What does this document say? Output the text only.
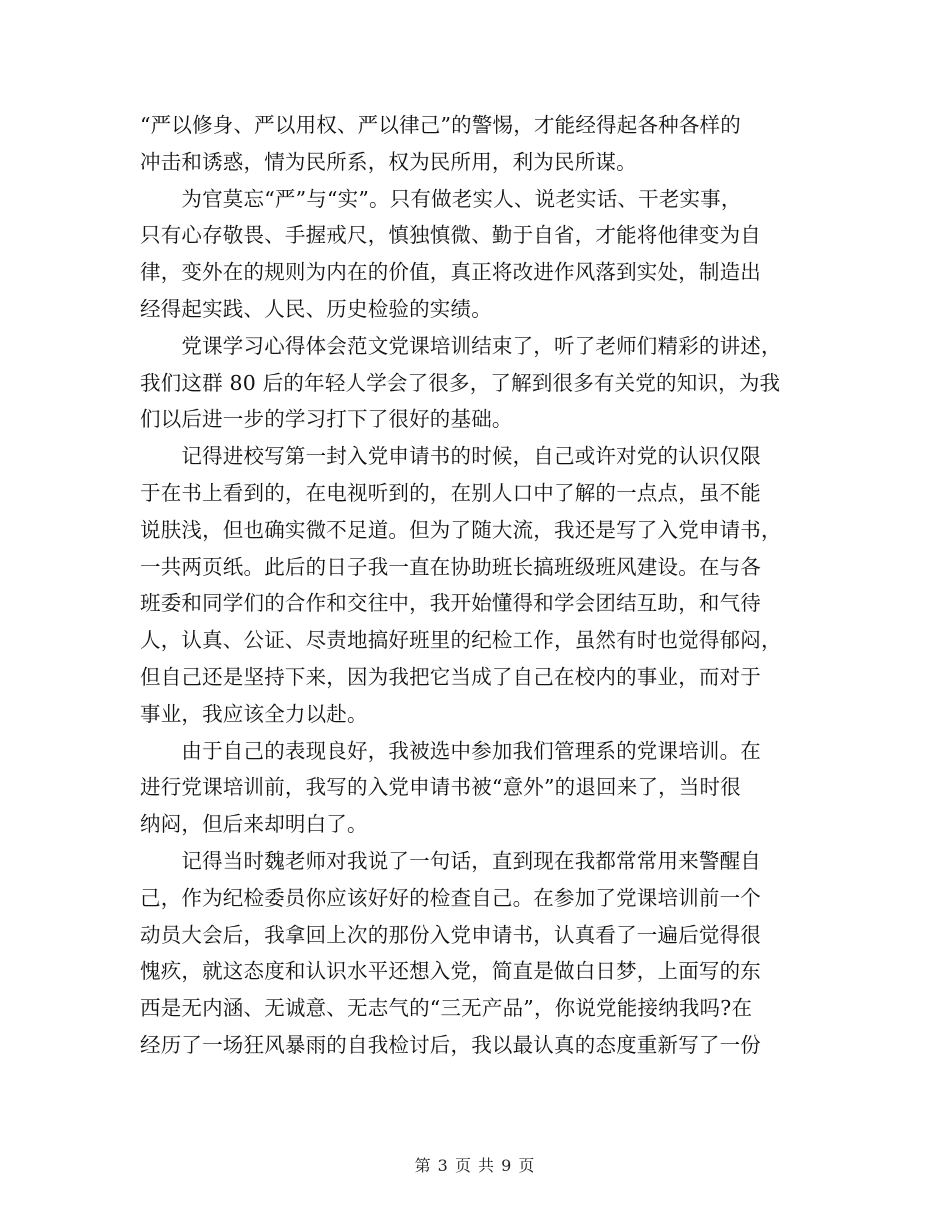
“严以修身、严以用权、严以律己”的警惕，才能经得起各种各样的
冲击和诱惑，情为民所系，权为民所用，利为民所谋。
　　为官莫忘“严”与“实”。只有做老实人、说老实话、干老实事，
只有心存敬畏、手握戒尺，慎独慎微、勤于自省，才能将他律变为自
律，变外在的规则为内在的价值，真正将改进作风落到实处，制造出
经得起实践、人民、历史检验的实绩。
　　党课学习心得体会范文党课培训结束了，听了老师们精彩的讲述，
我们这群 80 后的年轻人学会了很多，了解到很多有关党的知识，为我
们以后进一步的学习打下了很好的基础。
　　记得进校写第一封入党申请书的时候，自己或许对党的认识仅限
于在书上看到的，在电视听到的，在别人口中了解的一点点，虽不能
说肤浅，但也确实微不足道。但为了随大流，我还是写了入党申请书，
一共两页纸。此后的日子我一直在协助班长搞班级班风建设。在与各
班委和同学们的合作和交往中，我开始懂得和学会团结互助，和气待
人，认真、公证、尽责地搞好班里的纪检工作，虽然有时也觉得郁闷，
但自己还是坚持下来，因为我把它当成了自己在校内的事业，而对于
事业，我应该全力以赴。
　　由于自己的表现良好，我被选中参加我们管理系的党课培训。在
进行党课培训前，我写的入党申请书被“意外”的退回来了，当时很
纳闷，但后来却明白了。
　　记得当时魏老师对我说了一句话，直到现在我都常常用来警醒自
己，作为纪检委员你应该好好的检查自己。在参加了党课培训前一个
动员大会后，我拿回上次的那份入党申请书，认真看了一遍后觉得很
愧疚，就这态度和认识水平还想入党，简直是做白日梦，上面写的东
西是无内涵、无诚意、无志气的“三无产品”，你说党能接纳我吗?在
经历了一场狂风暴雨的自我检讨后，我以最认真的态度重新写了一份
第 3 页 共 9 页
